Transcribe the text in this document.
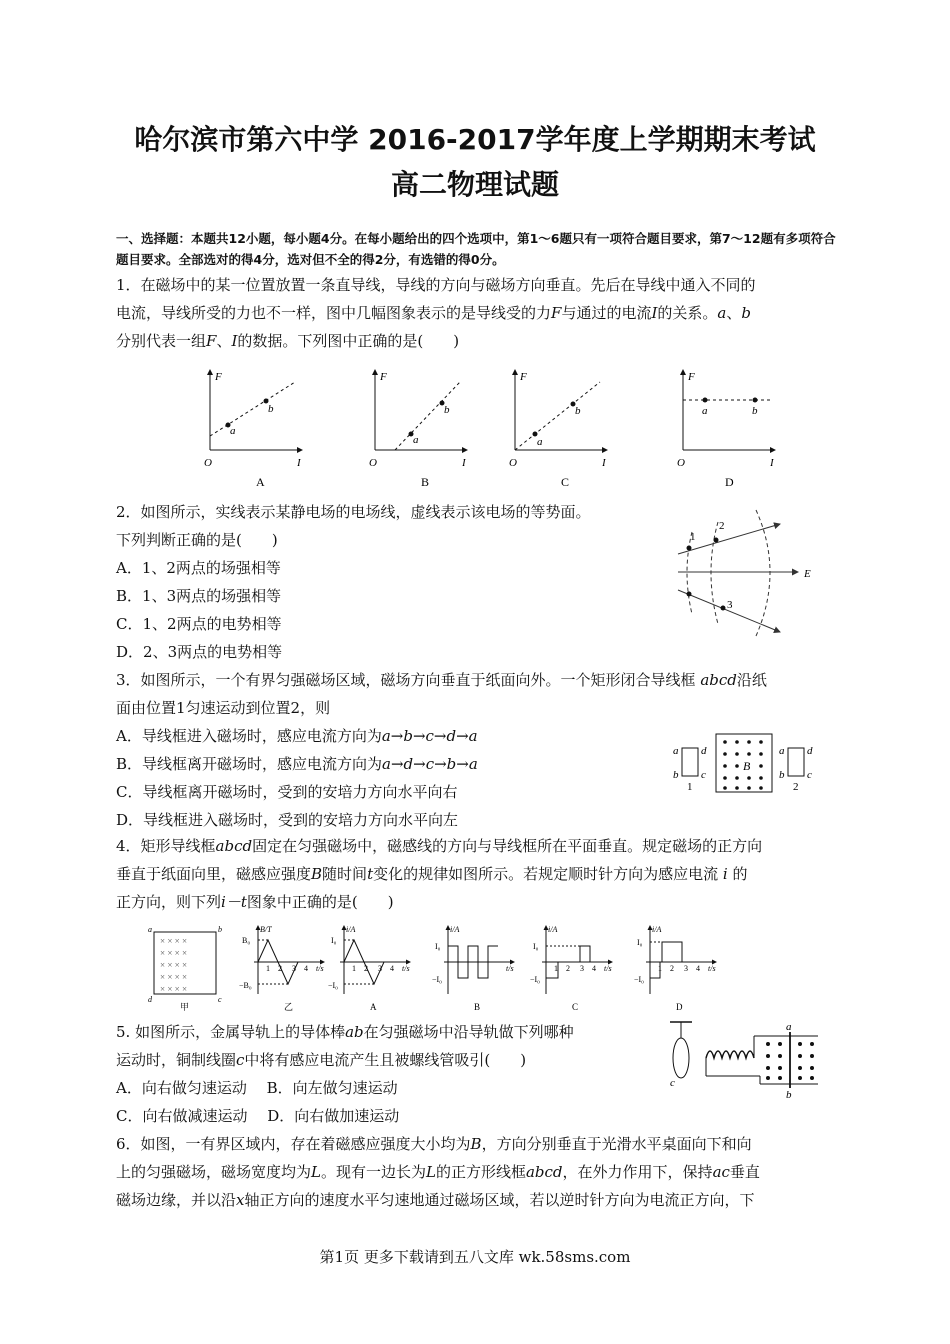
哈尔滨市第六中学 2016-2017学年度上学期期末考试
高二物理试题
一、选择题：本题共12小题，每小题4分。在每小题给出的四个选项中，第1～6题只有一项符合题目要求，第7～12题有多项符合题目要求。全部选对的得4分，选对但不全的得2分，有选错的得0分。
1．在磁场中的某一位置放置一条直导线，导线的方向与磁场方向垂直。先后在导线中通入不同的
电流，导线所受的力也不一样，图中几幅图象表示的是导线受的力F与通过的电流I的关系。a、b
分别代表一组F、I的数据。下列图中正确的是(　　)
F
O	I
a
b
A
F
O	I
a
b
B
F
O	I
a
b
C
F
O	I
a	b
D
2．如图所示，实线表示某静电场的电场线，虚线表示该电场的等势面。
下列判断正确的是(　　)
A．1、2两点的场强相等
B．1、3两点的场强相等
C．1、2两点的电势相等
D．2、3两点的电势相等
1
2
3
E
3．如图所示，一个有界匀强磁场区域，磁场方向垂直于纸面向外。一个矩形闭合导线框 abcd沿纸
面由位置1匀速运动到位置2，则
A．导线框进入磁场时，感应电流方向为a→b→c→d→a
B．导线框离开磁场时，感应电流方向为a→d→c→b→a
C．导线框离开磁场时，受到的安培力方向水平向右
D．导线框进入磁场时，受到的安培力方向水平向左
a
b
d
c
1
B
a
b
d
c
2
4．矩形导线框abcd固定在匀强磁场中，磁感线的方向与导线框所在平面垂直。规定磁场的正方向
垂直于纸面向里，磁感应强度B随时间t变化的规律如图所示。若规定顺时针方向为感应电流 i 的
正方向，则下列i－t图象中正确的是(　　)
× × × ×
× × × ×
× × × ×
× × × ×
× × × ×
a	b
c
d
甲
B/T
B₀
−B₀
1 2 3 4 t/s
乙
i/A
I₀
−I₀
1 2 3 4 t/s
A
i/A
I₀
−I₀
t/s
B
i/A
I₀
−I₀
1 2 3 4 t/s
C
i/A
I₀
−I₀
1 2 3 4 t/s
D
5. 如图所示，金属导轨上的导体棒ab在匀强磁场中沿导轨做下列哪种
运动时，铜制线圈c中将有感应电流产生且被螺线管吸引(　　)
A．向右做匀速运动　 B．向左做匀速运动
C．向右做减速运动　 D．向右做加速运动
c
a
b
6．如图，一有界区域内，存在着磁感应强度大小均为B，方向分别垂直于光滑水平桌面向下和向
上的匀强磁场，磁场宽度均为L。现有一边长为L的正方形线框abcd，在外力作用下，保持ac垂直
磁场边缘，并以沿x轴正方向的速度水平匀速地通过磁场区域，若以逆时针方向为电流正方向，下
第1页 更多下载请到五八文库 wk.58sms.com
